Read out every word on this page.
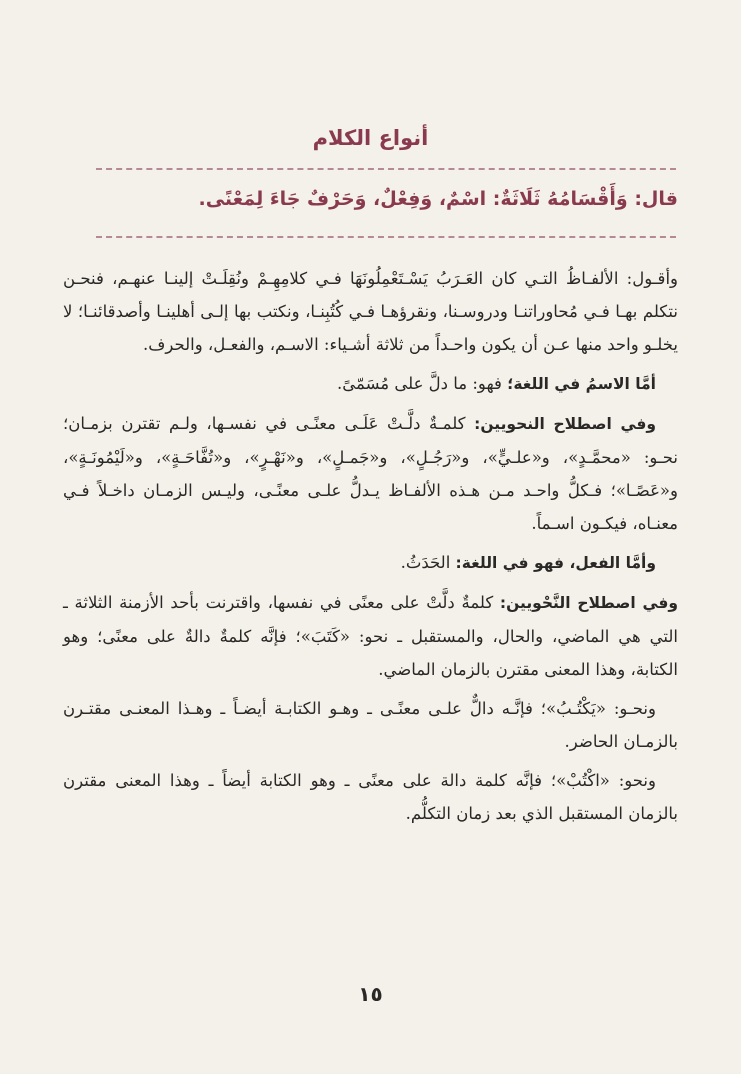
أنواع الكلام
قال: وَأَقْسَامُهُ ثَلَاثَةٌ: اسْمٌ، وَفِعْلٌ، وَحَرْفٌ جَاءَ لِمَعْنًى.

وأقـول: الألفـاظُ التـي كان العَـرَبُ يَسْـتَعْمِلُونَهَا فـي كلامِهِـمْ ونُقِلَـتْ إلينـا عنهـم، فنحـن نتكلم بهـا فـي مُحاوراتنـا ودروسـنا، ونقرؤهـا فـي كُتُبِنـا، ونكتب بها إلـى أهلينـا وأصدقائنـا؛ لا يخلـو واحد منها عـن أن يكون واحـداً من ثلاثة أشـياء: الاسـم، والفعـل، والحرف.

أمَّا الاسمُ في اللغة؛ فهو: ما دلَّ على مُسَمّىً.

وفي اصطلاح النحويين: كلمـةٌ دلَّـتْ عَلَـى معنًـى في نفسـها، ولـم تقترن بزمـان؛ نحـو: «محمَّـدٍ»، و«علـيٍّ»، و«رَجُـلٍ»، و«جَمـلٍ»، و«نَهْـرٍ»، و«تُفَّاحَـةٍ»، و«لَيْمُونَـةٍ»، و«عَصًـا»؛ فـكلُّ واحـد مـن هـذه الألفـاظ يـدلُّ علـى معنًـى، وليـس الزمـان داخـلاً فـي معنـاه، فيكـون اسـماً.

وأمَّا الفعل، فهو في اللغة: الحَدَثُ.

وفي اصطلاح النَّحْويين: كلمةٌ دلَّتْ على معنًى في نفسها، واقترنت بأحد الأزمنة الثلاثة ـ التي هي الماضي، والحال، والمستقبل ـ نحو: «كَتَبَ»؛ فإنَّه كلمةٌ دالةٌ على معنًى؛ وهو الكتابة، وهذا المعنى مقترن بالزمان الماضي.

ونحـو: «يَكْتُـبُ»؛ فإنَّـه دالٌّ علـى معنًـى ـ وهـو الكتابـة أيضـاً ـ وهـذا المعنـى مقتـرن بالزمـان الحاضر.

ونحو: «اكْتُبْ»؛ فإنَّه كلمة دالة على معنًى ـ وهو الكتابة أيضاً ـ وهذا المعنى مقترن بالزمان المستقبل الذي بعد زمان التكلُّم.

١٥
